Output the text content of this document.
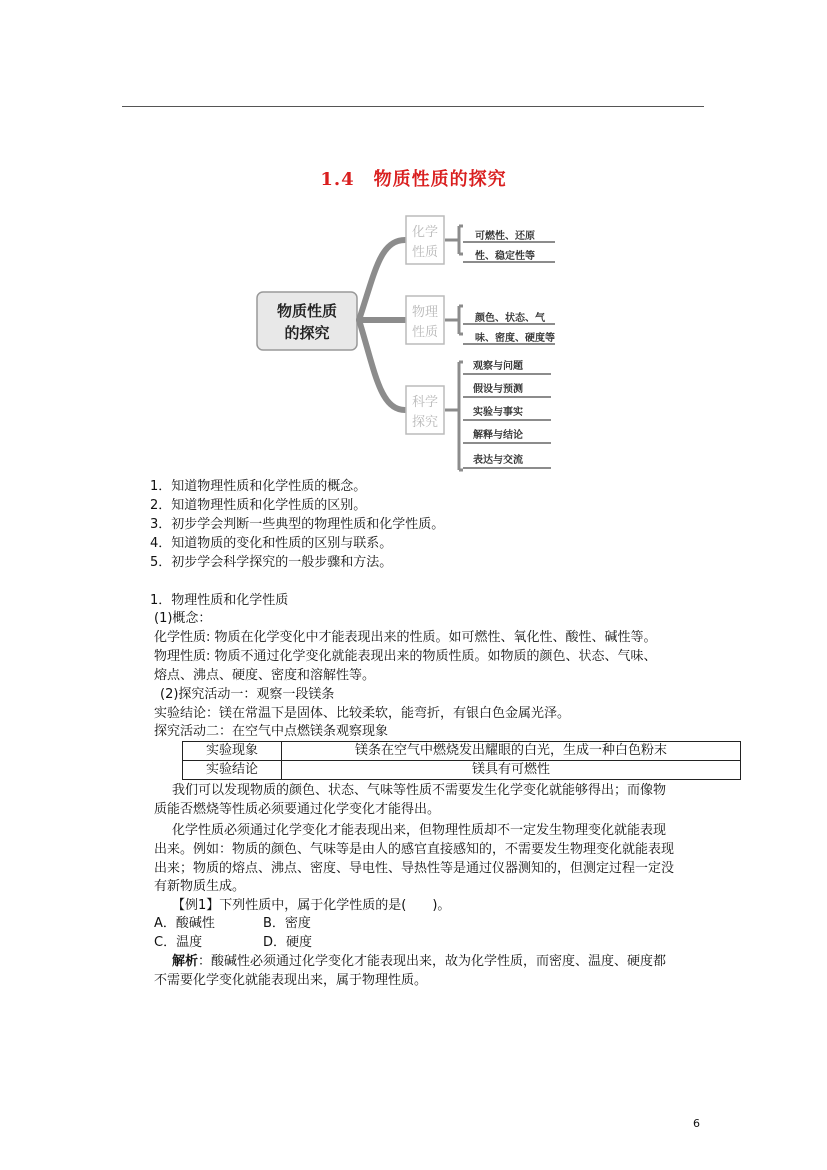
1.4　物质性质的探究
物质性质
的探究
化学
性质
物理
性质
科学
探究
可燃性、还原
性、稳定性等
颜色、状态、气
味、密度、硬度等
观察与问题
假设与预测
实验与事实
解释与结论
表达与交流
1．知道物理性质和化学性质的概念。
2．知道物理性质和化学性质的区别。
3．初步学会判断一些典型的物理性质和化学性质。
4．知道物质的变化和性质的区别与联系。
5．初步学会科学探究的一般步骤和方法。
1．物理性质和化学性质
(1)概念：
化学性质: 物质在化学变化中才能表现出来的性质。如可燃性、氧化性、酸性、碱性等。
物理性质: 物质不通过化学变化就能表现出来的物质性质。如物质的颜色、状态、气味、
熔点、沸点、硬度、密度和溶解性等。
(2)探究活动一：观察一段镁条
实验结论：镁在常温下是固体、比较柔软，能弯折，有银白色金属光泽。
探究活动二：在空气中点燃镁条观察现象
实验现象	镁条在空气中燃烧发出耀眼的白光，生成一种白色粉末
实验结论	镁具有可燃性
我们可以发现物质的颜色、状态、气味等性质不需要发生化学变化就能够得出；而像物
质能否燃烧等性质必须要通过化学变化才能得出。
化学性质必须通过化学变化才能表现出来，但物理性质却不一定发生物理变化就能表现
出来。例如：物质的颜色、气味等是由人的感官直接感知的，不需要发生物理变化就能表现
出来；物质的熔点、沸点、密度、导电性、导热性等是通过仪器测知的，但测定过程一定没
有新物质生成。
【例1】下列性质中，属于化学性质的是(　　)。
A．酸碱性	B．密度
C．温度	D．硬度
解析：酸碱性必须通过化学变化才能表现出来，故为化学性质，而密度、温度、硬度都
不需要化学变化就能表现出来，属于物理性质。
6
